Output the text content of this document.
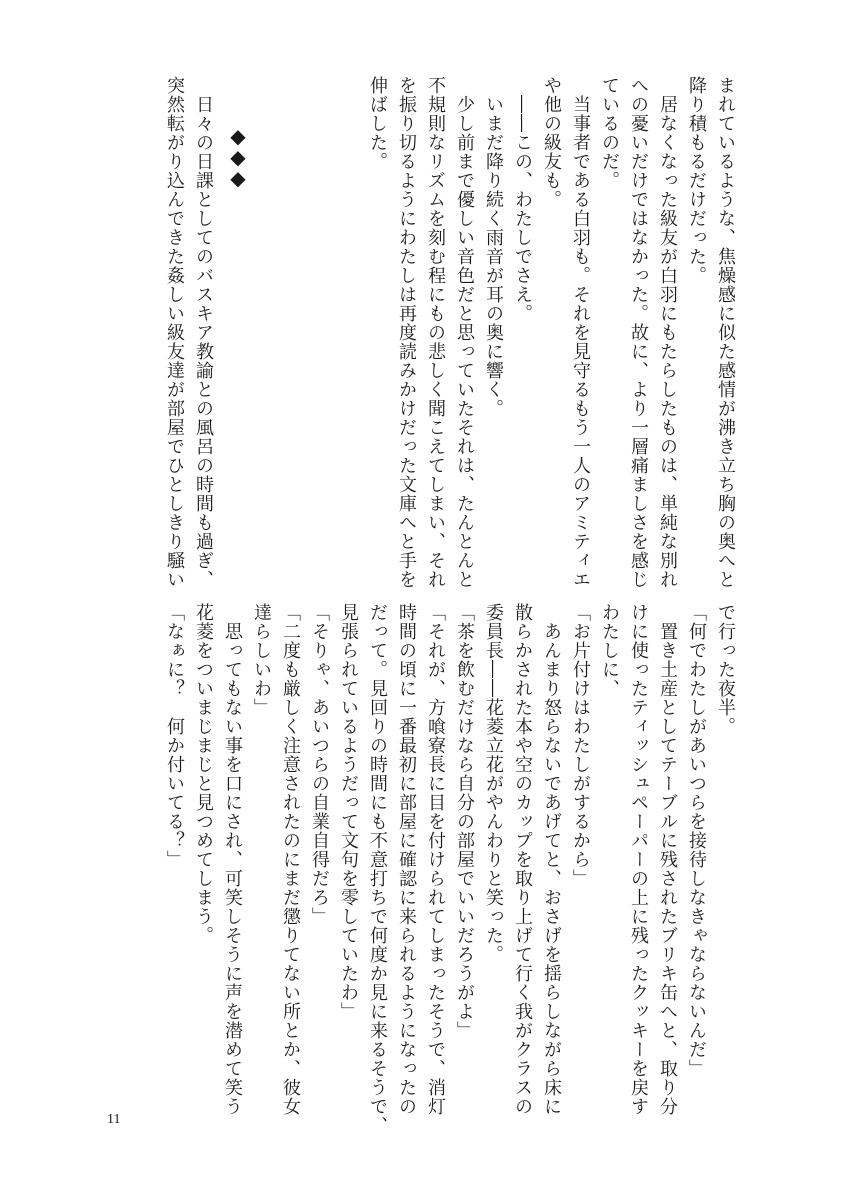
まれているような、焦燥感に似た感情が沸き立ち胸の奥へと
降り積もるだけだった。
　居なくなった級友が白羽にもたらしたものは、単純な別れ
への憂いだけではなかった。故に、より一層痛ましさを感じ
ているのだ。
　当事者である白羽も。それを見守るもう一人のアミティエ
や他の級友も。
　――この、わたしでさえ。
　いまだ降り続く雨音が耳の奥に響く。
　少し前まで優しい音色だと思っていたそれは、たんとんと
不規則なリズムを刻む程にもの悲しく聞こえてしまい、それ
を振り切るようにわたしは再度読みかけだった文庫へと手を
伸ばした。
　日々の日課としてのバスキア教諭との風呂の時間も過ぎ、
突然転がり込んできた姦しい級友達が部屋でひとしきり騒い ◆
◆
◆
で行った夜半。
「何でわたしがあいつらを接待しなきゃならないんだ」
　置き土産としてテーブルに残されたブリキ缶へと、取り分
けに使ったティッシュペーパーの上に残ったクッキーを戻す
わたしに、
「お片付けはわたしがするから」
　あんまり怒らないであげてと、おさげを揺らしながら床に
散らかされた本や空のカップを取り上げて行く我がクラスの
委員長――花菱立花がやんわりと笑った。
「茶を飲むだけなら自分の部屋でいいだろうがよ」
「それが、方喰寮長に目を付けられてしまったそうで、消灯
時間の頃に一番最初に部屋に確認に来られるようになったの
だって。見回りの時間にも不意打ちで何度か見に来るそうで、
見張られているようだって文句を零していたわ」
「そりゃ、あいつらの自業自得だろ」
「二度も厳しく注意されたのにまだ懲りてない所とか、彼女
達らしいわ」
　思ってもない事を口にされ、可笑しそうに声を潜めて笑う
花菱をついまじまじと見つめてしまう。
「なぁに？　何か付いてる？」
11
